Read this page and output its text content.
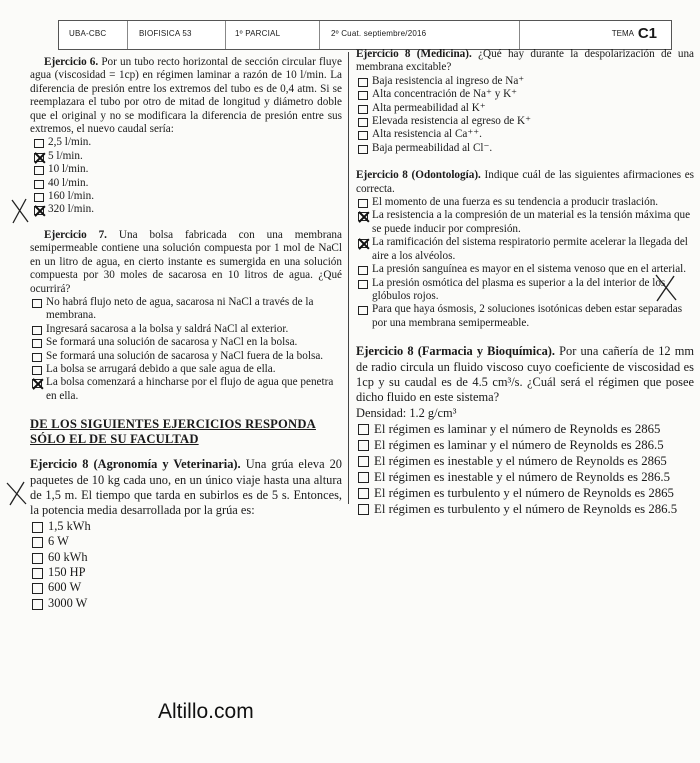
UBA-CBC	BIOFISICA 53	1º PARCIAL	2º Cuat. septiembre/2016	TEMA C1

Ejercicio 6. Por un tubo recto horizontal de sección circular fluye agua (viscosidad = 1cp) en régimen laminar a razón de 10 l/min. La diferencia de presión entre los extremos del tubo es de 0,4 atm. Si se reemplazara el tubo por otro de mitad de longitud y diámetro doble que el original y no se modificara la diferencia de presión entre sus extremos, el nuevo caudal sería:

2,5 l/min.
5 l/min.
10 l/min.
40 l/min.
160 l/min.
320 l/min.

Ejercicio 7. Una bolsa fabricada con una membrana semipermeable contiene una solución compuesta por 1 mol de NaCl en un litro de agua, en cierto instante es sumergida en una solución compuesta por 30 moles de sacarosa en 10 litros de agua. ¿Qué ocurrirá?

No habrá flujo neto de agua, sacarosa ni NaCl a través de la membrana.
Ingresará sacarosa a la bolsa y saldrá NaCl al exterior.
Se formará una solución de sacarosa y NaCl en la bolsa.
Se formará una solución de sacarosa y NaCl fuera de la bolsa.
La bolsa se arrugará debido a que sale agua de ella.
La bolsa comenzará a hincharse por el flujo de agua que penetra en ella.

DE LOS SIGUIENTES EJERCICIOS RESPONDA

SÓLO EL DE SU FACULTAD

Ejercicio 8 (Agronomía y Veterinaria). Una grúa eleva 20 paquetes de 10 kg cada uno, en un único viaje hasta una altura de 1,5 m. El tiempo que tarda en subirlos es de 5 s. Entonces, la potencia media desarrollada por la grúa es:

1,5 kWh
6 W
60 kWh
150 HP
600 W
3000 W

Ejercicio 8 (Medicina). ¿Qué hay durante la despolarización de una membrana excitable?

Baja resistencia al ingreso de Na⁺
Alta concentración de Na⁺ y K⁺
Alta permeabilidad al K⁺
Elevada resistencia al egreso de K⁺
Alta resistencia al Ca⁺⁺.
Baja permeabilidad al Cl⁻.

Ejercicio 8 (Odontología). Indique cuál de las siguientes afirmaciones es correcta.

El momento de una fuerza es su tendencia a producir traslación.
La resistencia a la compresión de un material es la tensión máxima que se puede inducir por compresión.
La ramificación del sistema respiratorio permite acelerar la llegada del aire a los alvéolos.
La presión sanguínea es mayor en el sistema venoso que en el arterial.
La presión osmótica del plasma es superior a la del interior de los glóbulos rojos.
Para que haya ósmosis, 2 soluciones isotónicas deben estar separadas por una membrana semipermeable.

Ejercicio 8 (Farmacia y Bioquímica). Por una cañería de 12 mm de radio circula un fluido viscoso cuyo coeficiente de viscosidad es 1cp y su caudal es de 4.5 cm³/s. ¿Cuál será el régimen que posee dicho fluido en este sistema?

Densidad: 1.2 g/cm³

El régimen es laminar y el número de Reynolds es 2865
El régimen es laminar y el número de Reynolds es 286.5
El régimen es inestable y el número de Reynolds es 2865
El régimen es inestable y el número de Reynolds es 286.5
El régimen es turbulento y el número de Reynolds es 2865
El régimen es turbulento y el número de Reynolds es 286.5
Altillo.com
